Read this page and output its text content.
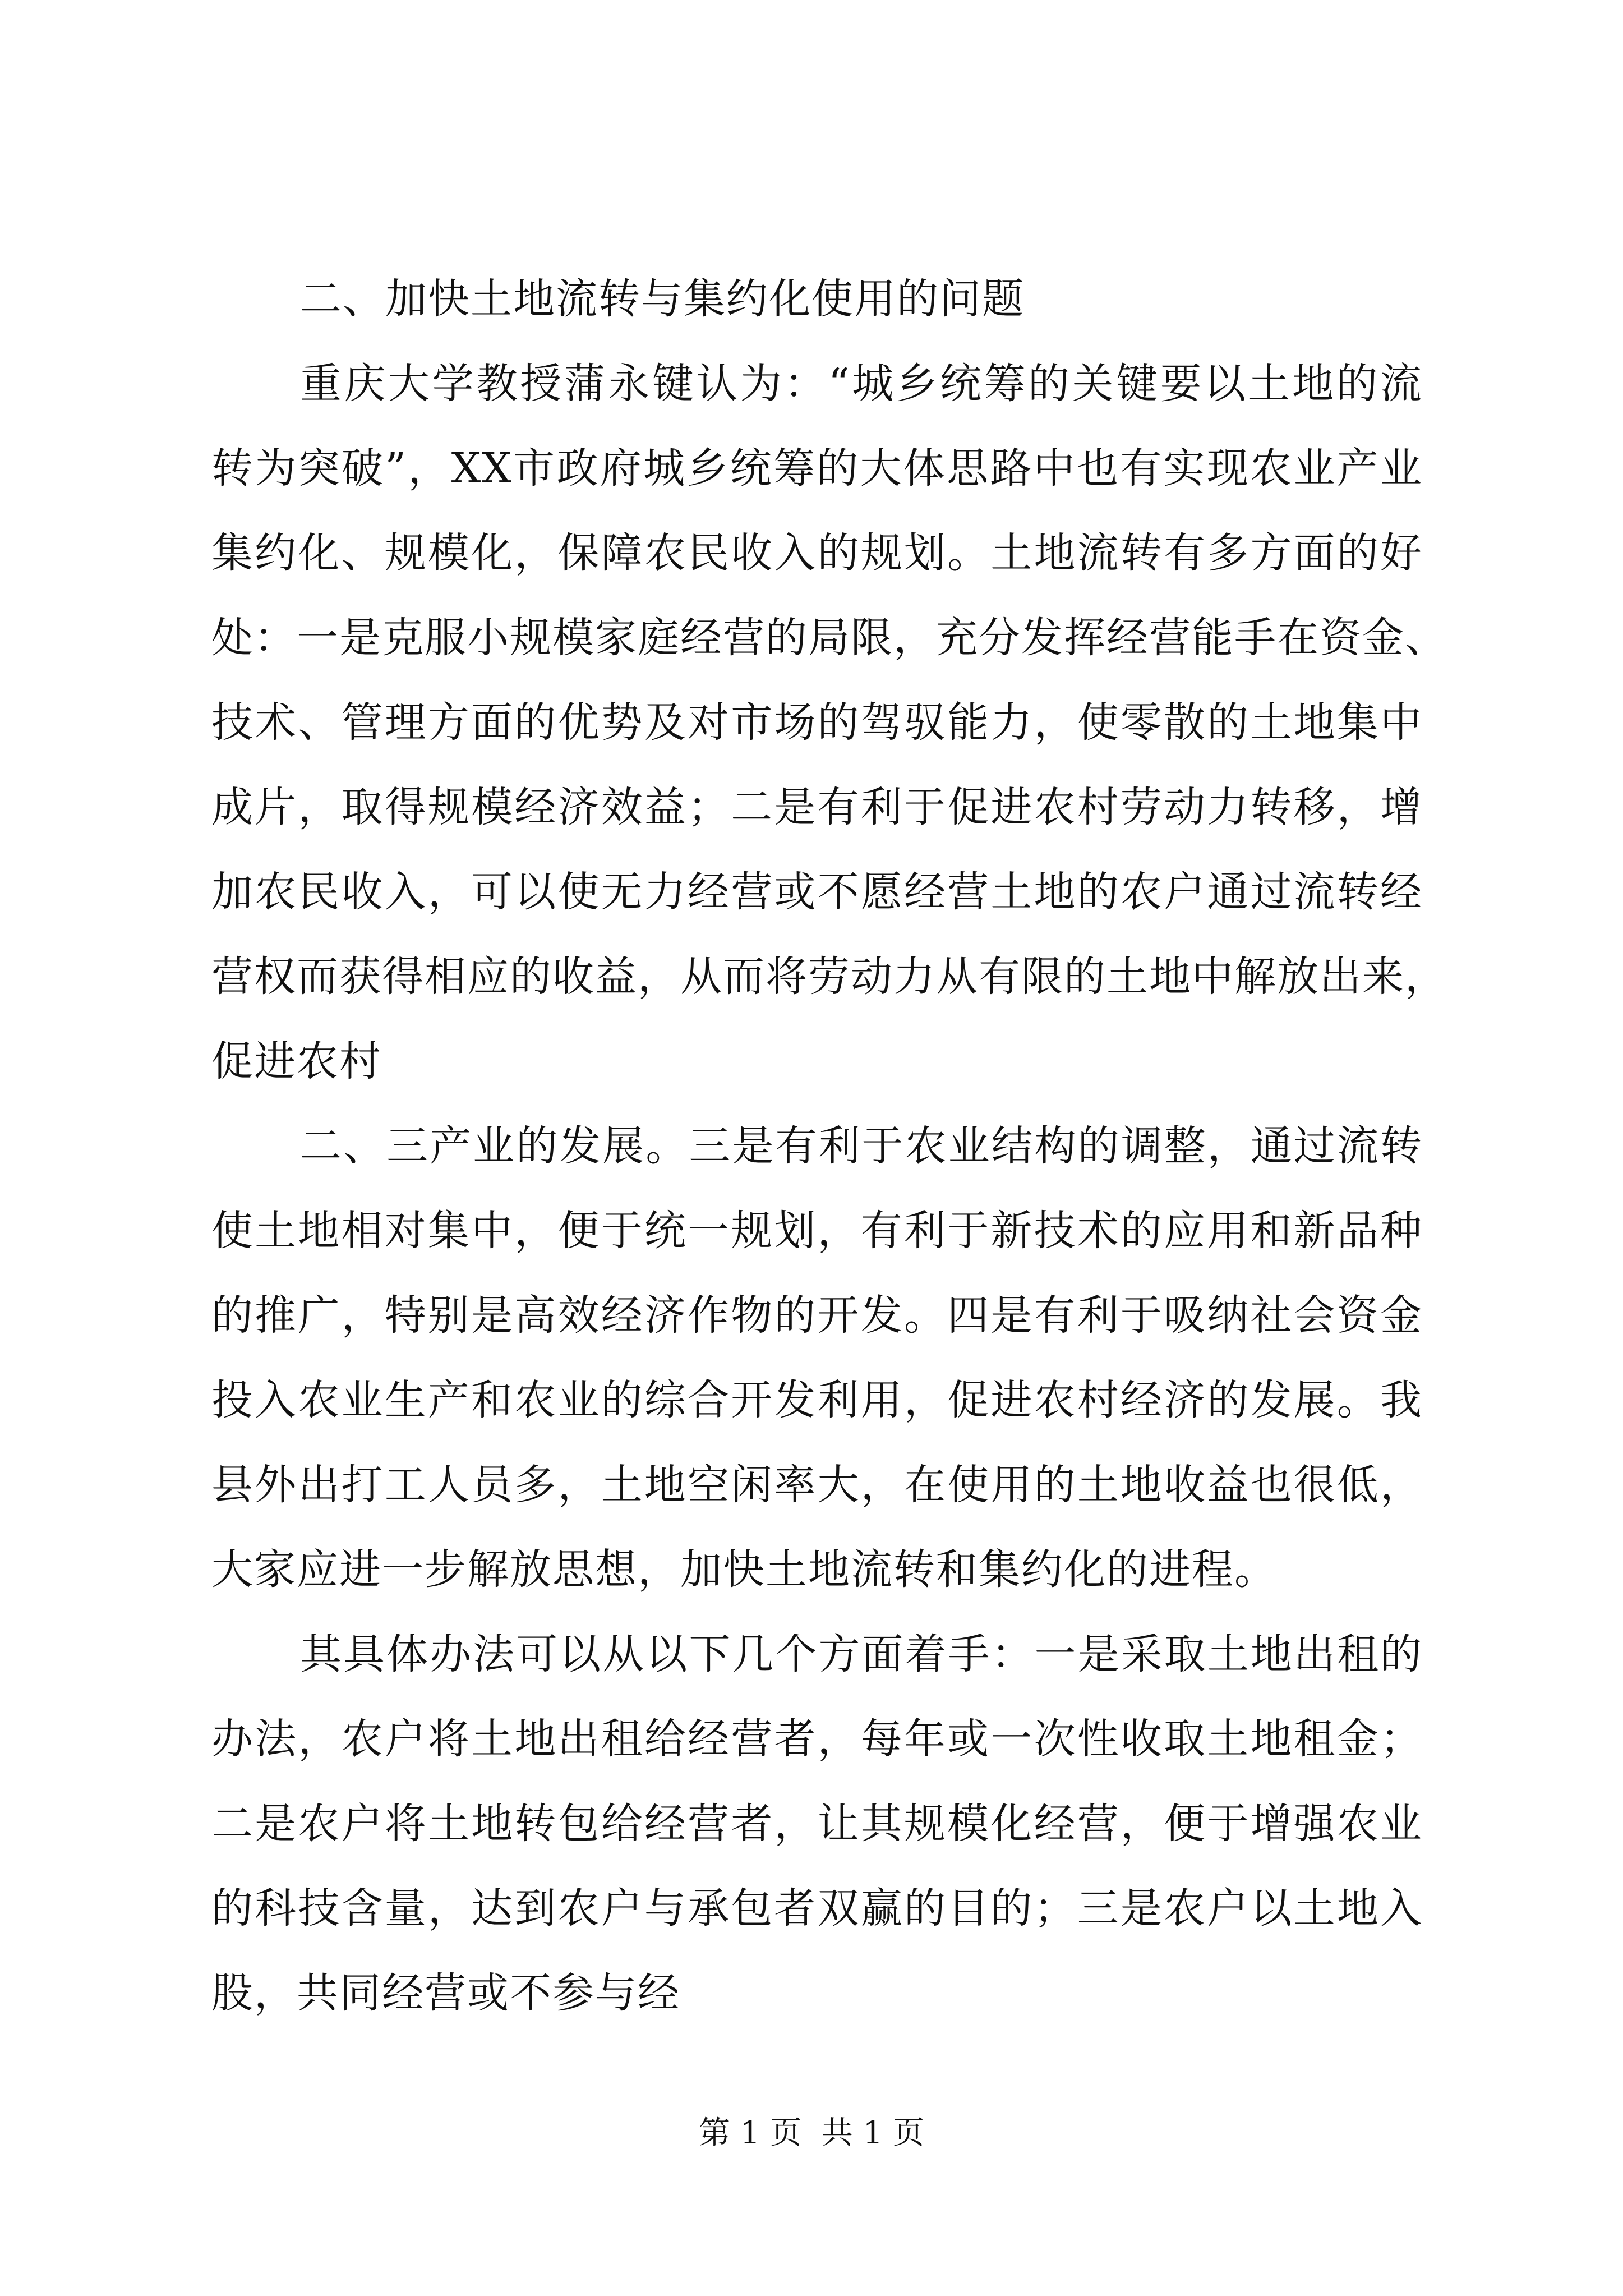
二、加快土地流转与集约化使用的问题
重庆大学教授蒲永键认为：“城乡统筹的关键要以土地的流
转为突破”，XX市政府城乡统筹的大体思路中也有实现农业产业
集约化、规模化，保障农民收入的规划。土地流转有多方面的好
处：一是克服小规模家庭经营的局限，充分发挥经营能手在资金、
技术、管理方面的优势及对市场的驾驭能力，使零散的土地集中
成片，取得规模经济效益；二是有利于促进农村劳动力转移，增
加农民收入，可以使无力经营或不愿经营土地的农户通过流转经
营权而获得相应的收益，从而将劳动力从有限的土地中解放出来，
促进农村
二、三产业的发展。三是有利于农业结构的调整，通过流转
使土地相对集中，便于统一规划，有利于新技术的应用和新品种
的推广，特别是高效经济作物的开发。四是有利于吸纳社会资金
投入农业生产和农业的综合开发利用，促进农村经济的发展。我
县外出打工人员多，土地空闲率大，在使用的土地收益也很低，
大家应进一步解放思想，加快土地流转和集约化的进程。
其具体办法可以从以下几个方面着手：一是采取土地出租的
办法，农户将土地出租给经营者，每年或一次性收取土地租金；
二是农户将土地转包给经营者，让其规模化经营，便于增强农业
的科技含量，达到农户与承包者双赢的目的；三是农户以土地入
股，共同经营或不参与经
第 1 页  共 1 页
